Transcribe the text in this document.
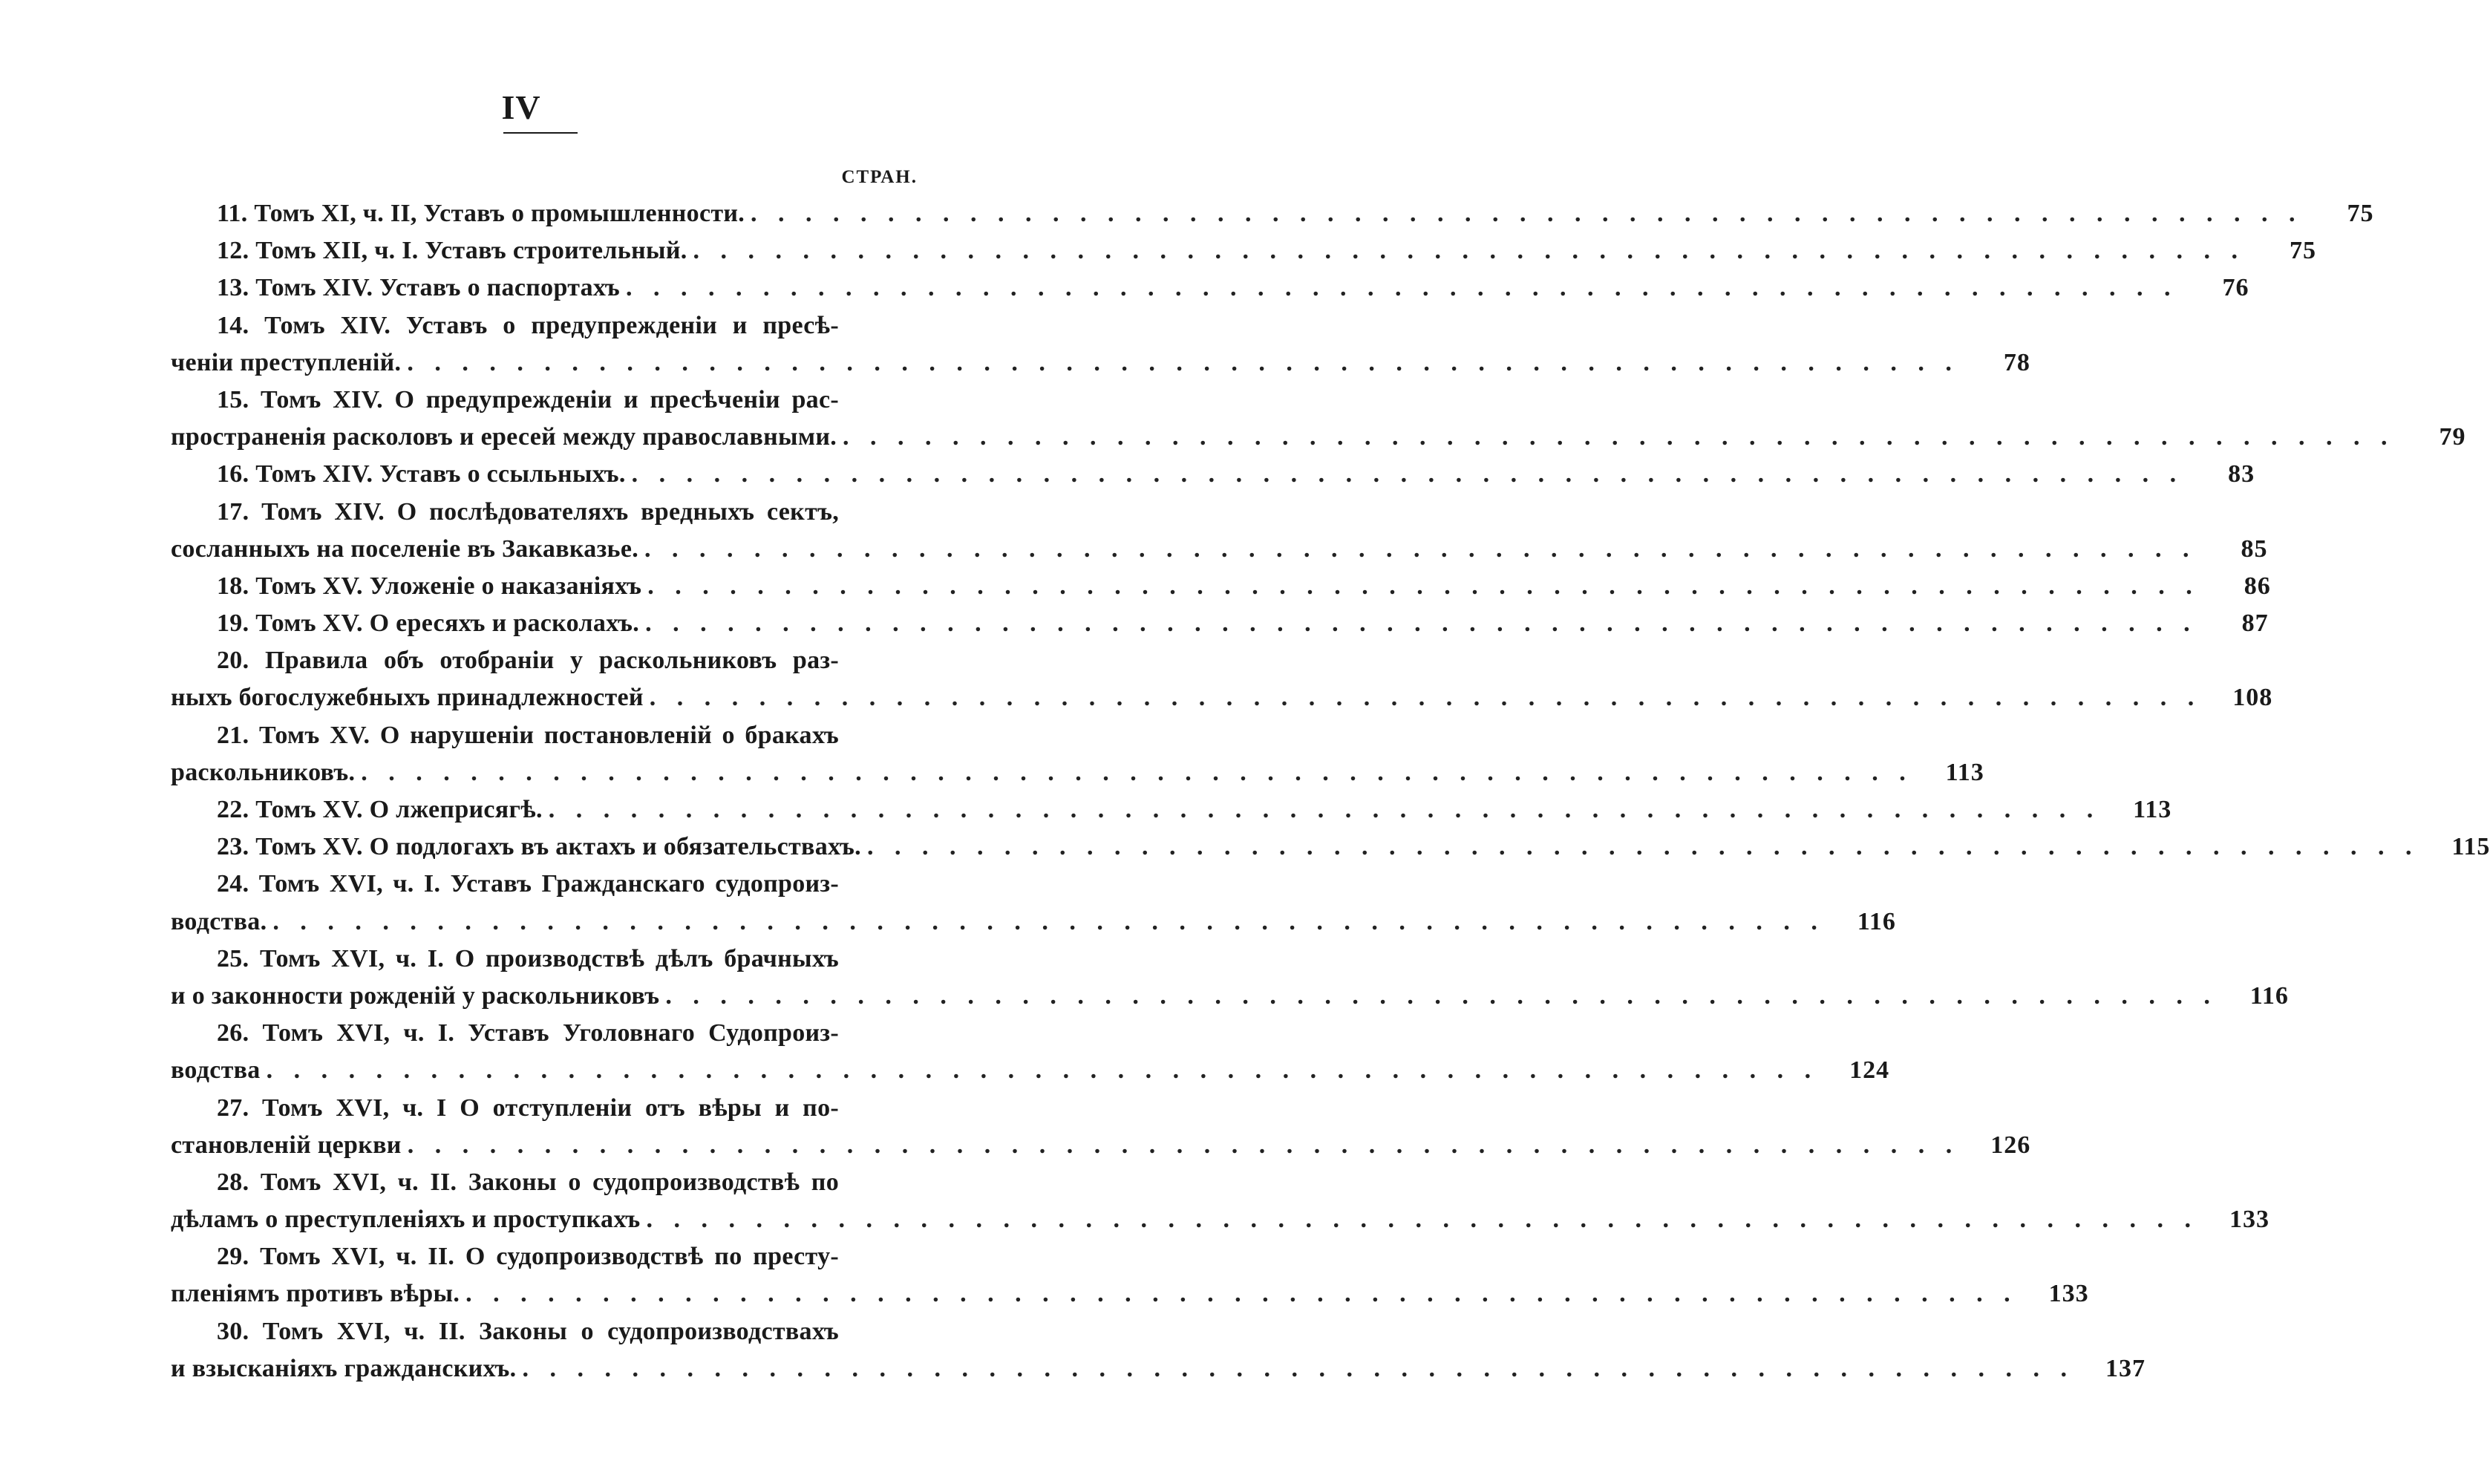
IV
СТРАН.
11. Томъ XI, ч. II, Уставъ о промышленности. . . .	75
12. Томъ XII, ч. I. Уставъ строительный. . . .	75
13. Томъ XIV. Уставъ о паспортахъ . . .	76
14. Томъ XIV. Уставъ о предупрежденіи и пресѣ-
ченіи преступленій. . . .	78
15. Томъ XIV. О предупрежденіи и пресѣченіи рас-
пространенія расколовъ и ересей между православными. . . .	79
16. Томъ XIV. Уставъ о ссыльныхъ. . . .	83
17. Томъ XIV. О послѣдователяхъ вредныхъ сектъ,
сосланныхъ на поселеніе въ Закавказье. . . .	85
18. Томъ XV. Уложеніе о наказаніяхъ . . .	86
19. Томъ XV. О ересяхъ и расколахъ. . . .	87
20. Правила объ отобраніи у раскольниковъ раз-
ныхъ богослужебныхъ принадлежностей . . .	108
21. Томъ XV. О нарушеніи постановленій о бракахъ
раскольниковъ. . . .	113
22. Томъ XV. О лжеприсягѣ. . . .	113
23. Томъ XV. О подлогахъ въ актахъ и обязательствахъ. . . .	115
24. Томъ XVI, ч. I. Уставъ Гражданскаго судопроиз-
водства. . . .	116
25. Томъ XVI, ч. I. О производствѣ дѣлъ брачныхъ
и о законности рожденій у раскольниковъ . . .	116
26. Томъ XVI, ч. I. Уставъ Уголовнаго Судопроиз-
водства . . .	124
27. Томъ XVI, ч. I О отступленіи отъ вѣры и по-
становленій церкви . . .	126
28. Томъ XVI, ч. II. Законы о судопроизводствѣ по
дѣламъ о преступленіяхъ и проступкахъ . . .	133
29. Томъ XVI, ч. II. О судопроизводствѣ по престу-
пленіямъ противъ вѣры. . . .	133
30. Томъ XVI, ч. II. Законы о судопроизводствахъ
и взысканіяхъ гражданскихъ. . . .	137
